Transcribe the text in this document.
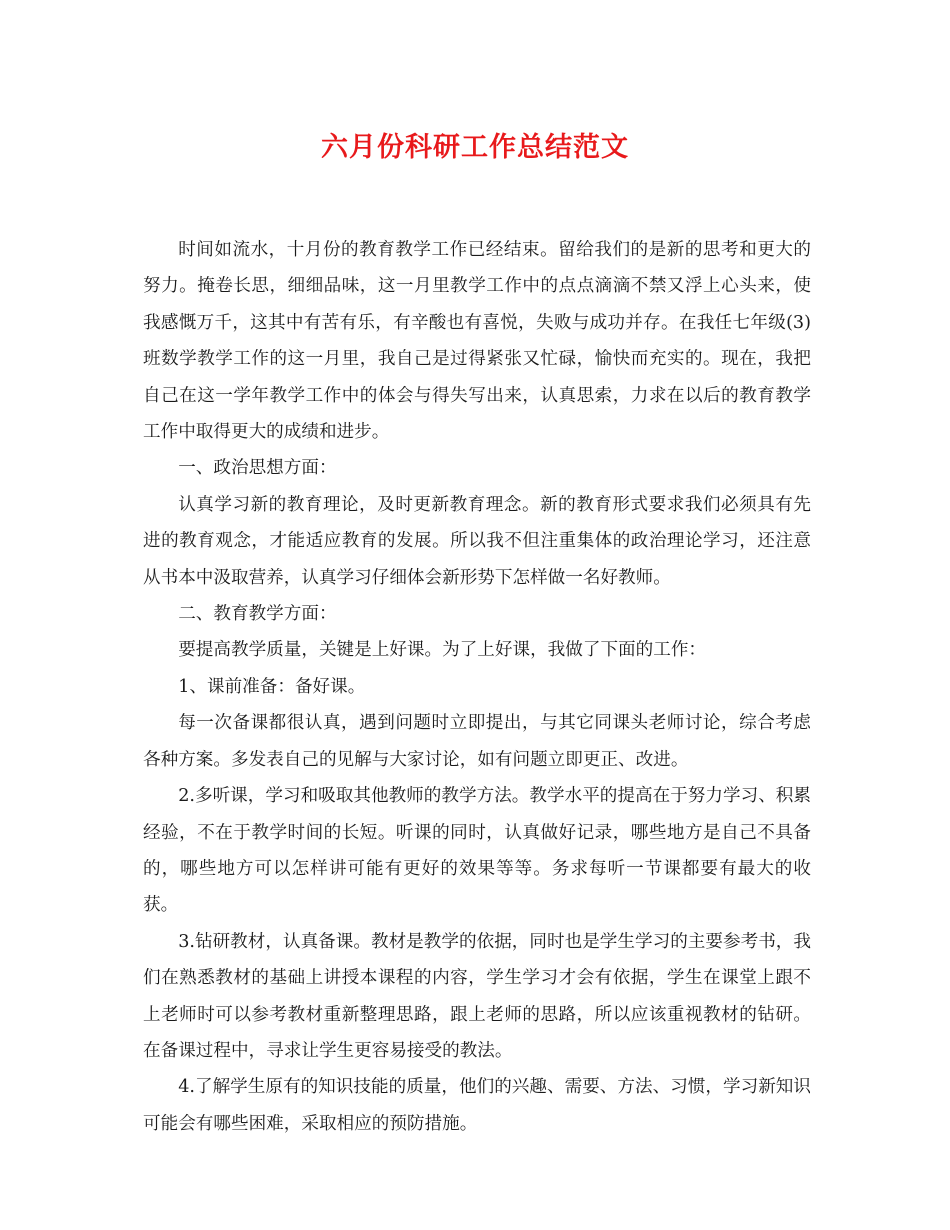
六月份科研工作总结范文

时间如流水，十月份的教育教学工作已经结束。留给我们的是新的思考和更大的努力。掩卷长思，细细品味，这一月里教学工作中的点点滴滴不禁又浮上心头来，使我感慨万千，这其中有苦有乐，有辛酸也有喜悦，失败与成功并存。在我任七年级(3)班数学教学工作的这一月里，我自己是过得紧张又忙碌，愉快而充实的。现在，我把自己在这一学年教学工作中的体会与得失写出来，认真思索，力求在以后的教育教学工作中取得更大的成绩和进步。

一、政治思想方面：

认真学习新的教育理论，及时更新教育理念。新的教育形式要求我们必须具有先进的教育观念，才能适应教育的发展。所以我不但注重集体的政治理论学习，还注意从书本中汲取营养，认真学习仔细体会新形势下怎样做一名好教师。

二、教育教学方面：

要提高教学质量，关键是上好课。为了上好课，我做了下面的工作：

1、课前准备：备好课。

每一次备课都很认真，遇到问题时立即提出，与其它同课头老师讨论，综合考虑各种方案。多发表自己的见解与大家讨论，如有问题立即更正、改进。

2.多听课，学习和吸取其他教师的教学方法。教学水平的提高在于努力学习、积累经验，不在于教学时间的长短。听课的同时，认真做好记录，哪些地方是自己不具备的，哪些地方可以怎样讲可能有更好的效果等等。务求每听一节课都要有最大的收获。

3.钻研教材，认真备课。教材是教学的依据，同时也是学生学习的主要参考书，我们在熟悉教材的基础上讲授本课程的内容，学生学习才会有依据，学生在课堂上跟不上老师时可以参考教材重新整理思路，跟上老师的思路，所以应该重视教材的钻研。在备课过程中，寻求让学生更容易接受的教法。

4.了解学生原有的知识技能的质量，他们的兴趣、需要、方法、习惯，学习新知识可能会有哪些困难，采取相应的预防措施。
